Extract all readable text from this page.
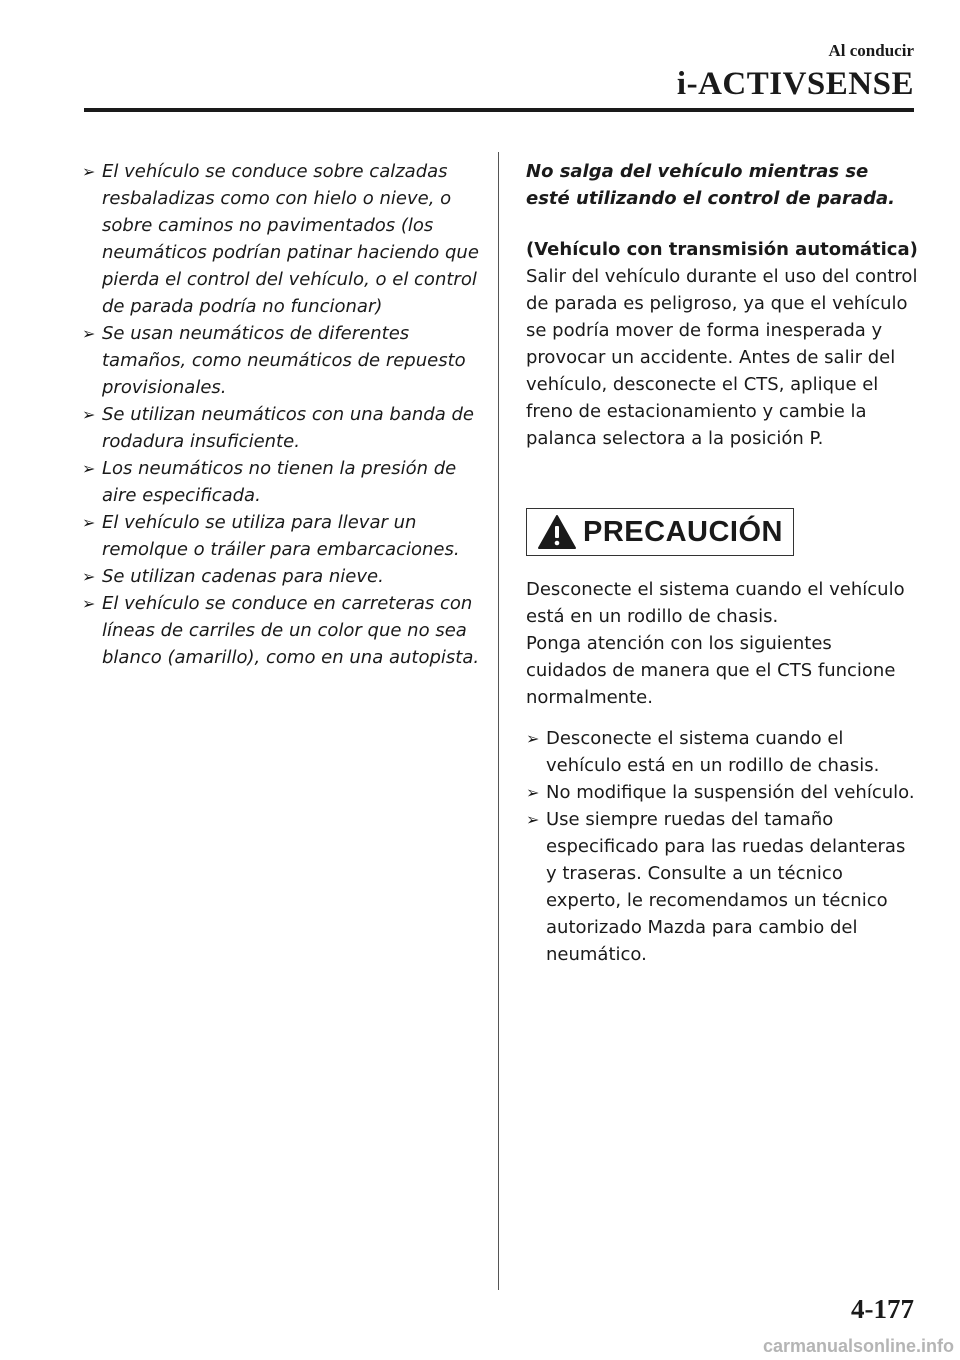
Al conducir
i-ACTIVSENSE
➢ El vehículo se conduce sobre calzadas resbaladizas como con hielo o nieve, o sobre caminos no pavimentados (los neumáticos podrían patinar haciendo que pierda el control del vehículo, o el control de parada podría no funcionar)
➢ Se usan neumáticos de diferentes tamaños, como neumáticos de repuesto provisionales.
➢ Se utilizan neumáticos con una banda de rodadura insuficiente.
➢ Los neumáticos no tienen la presión de aire especificada.
➢ El vehículo se utiliza para llevar un remolque o tráiler para embarcaciones.
➢ Se utilizan cadenas para nieve.
➢ El vehículo se conduce en carreteras con líneas de carriles de un color que no sea blanco (amarillo), como en una autopista.
No salga del vehículo mientras se esté utilizando el control de parada.
(Vehículo con transmisión automática)
Salir del vehículo durante el uso del control de parada es peligroso, ya que el vehículo se podría mover de forma inesperada y provocar un accidente. Antes de salir del vehículo, desconecte el CTS, aplique el freno de estacionamiento y cambie la palanca selectora a la posición P.
PRECAUCIÓN
Desconecte el sistema cuando el vehículo está en un rodillo de chasis.
Ponga atención con los siguientes cuidados de manera que el CTS funcione normalmente.
➢ Desconecte el sistema cuando el vehículo está en un rodillo de chasis.
➢ No modifique la suspensión del vehículo.
➢ Use siempre ruedas del tamaño especificado para las ruedas delanteras y traseras. Consulte a un técnico experto, le recomendamos un técnico autorizado Mazda para cambio del neumático.
4-177
carmanualsonline.info
